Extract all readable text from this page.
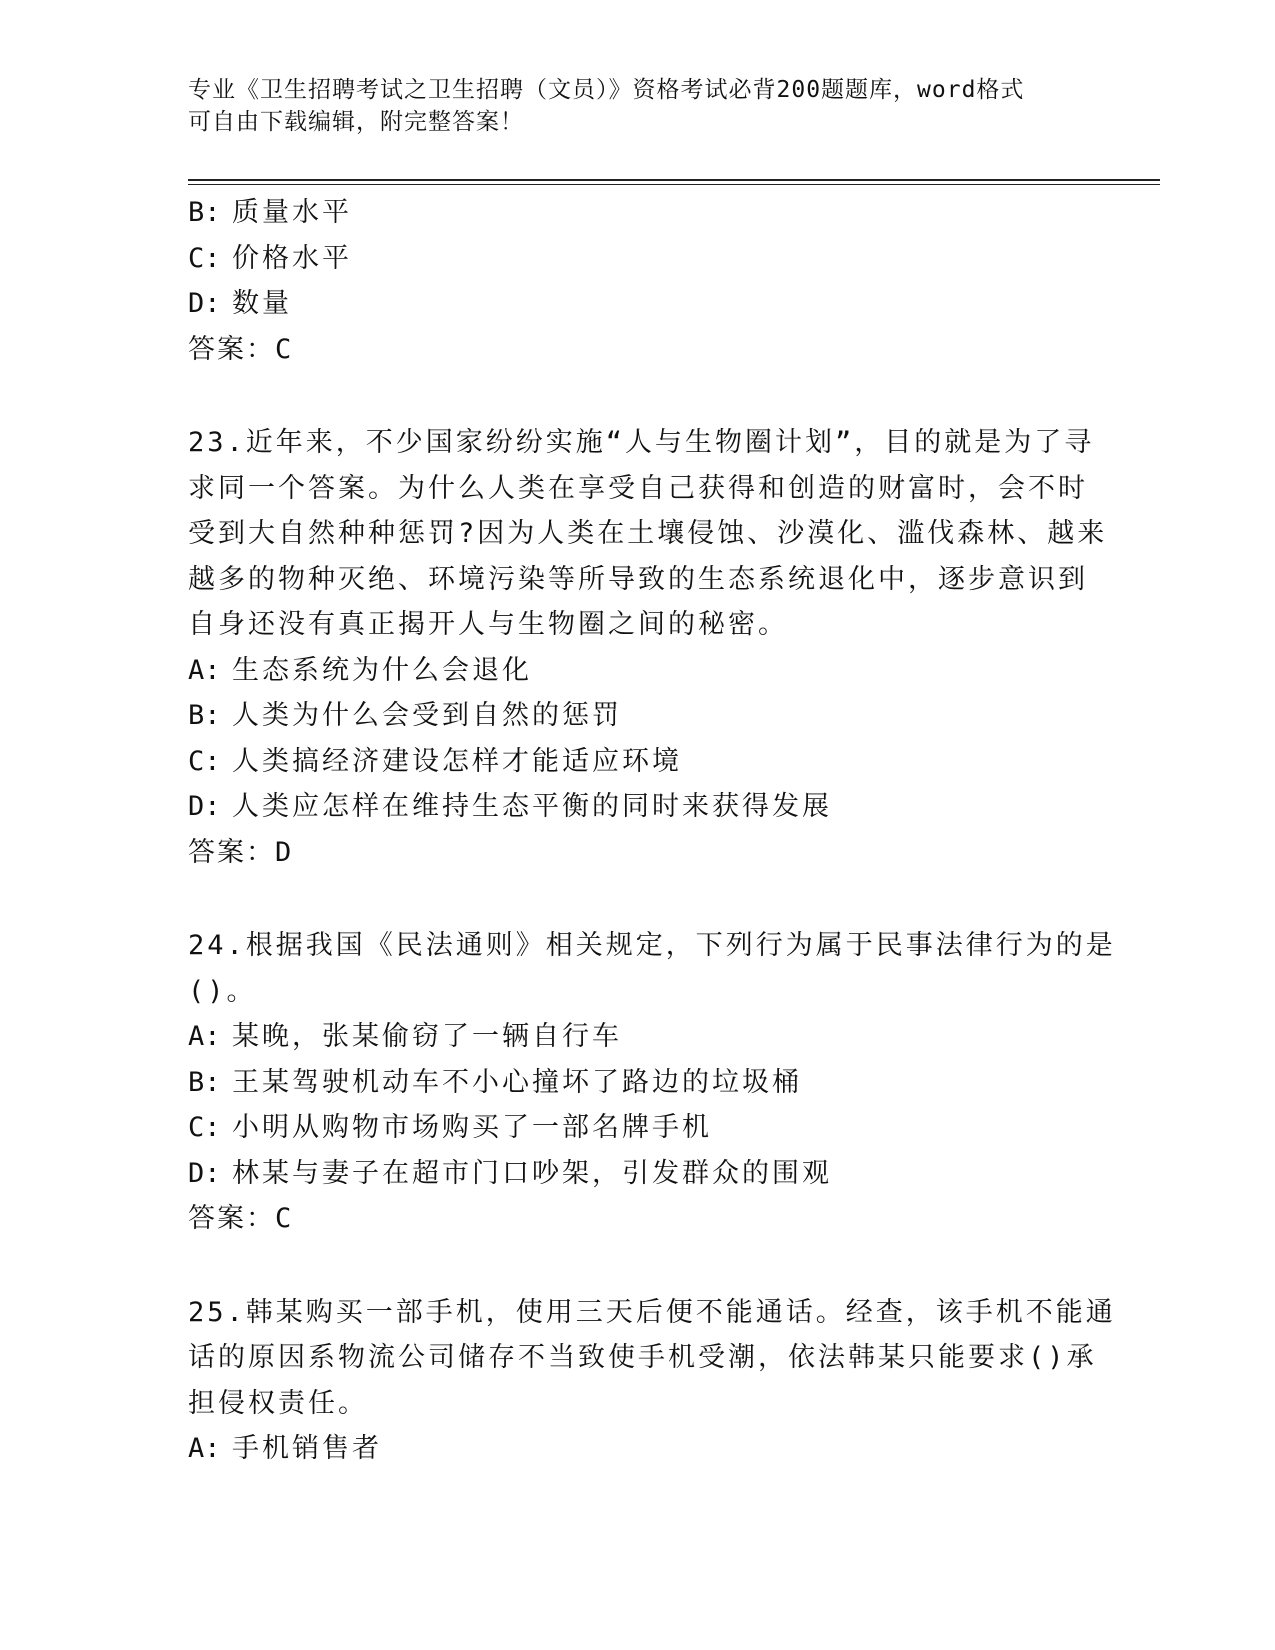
专业《卫生招聘考试之卫生招聘（文员）》资格考试必背200题题库，word格式
可自由下载编辑，附完整答案！
B: 质量水平
C: 价格水平
D: 数量
答案：C
23.近年来，不少国家纷纷实施“人与生物圈计划”，目的就是为了寻
求同一个答案。为什么人类在享受自己获得和创造的财富时，会不时
受到大自然种种惩罚?因为人类在土壤侵蚀、沙漠化、滥伐森林、越来
越多的物种灭绝、环境污染等所导致的生态系统退化中，逐步意识到
自身还没有真正揭开人与生物圈之间的秘密。
A: 生态系统为什么会退化
B: 人类为什么会受到自然的惩罚
C: 人类搞经济建设怎样才能适应环境
D: 人类应怎样在维持生态平衡的同时来获得发展
答案：D
24.根据我国《民法通则》相关规定，下列行为属于民事法律行为的是
()。
A: 某晚，张某偷窃了一辆自行车
B: 王某驾驶机动车不小心撞坏了路边的垃圾桶
C: 小明从购物市场购买了一部名牌手机
D: 林某与妻子在超市门口吵架，引发群众的围观
答案：C
25.韩某购买一部手机，使用三天后便不能通话。经查，该手机不能通
话的原因系物流公司储存不当致使手机受潮，依法韩某只能要求()承
担侵权责任。
A: 手机销售者
